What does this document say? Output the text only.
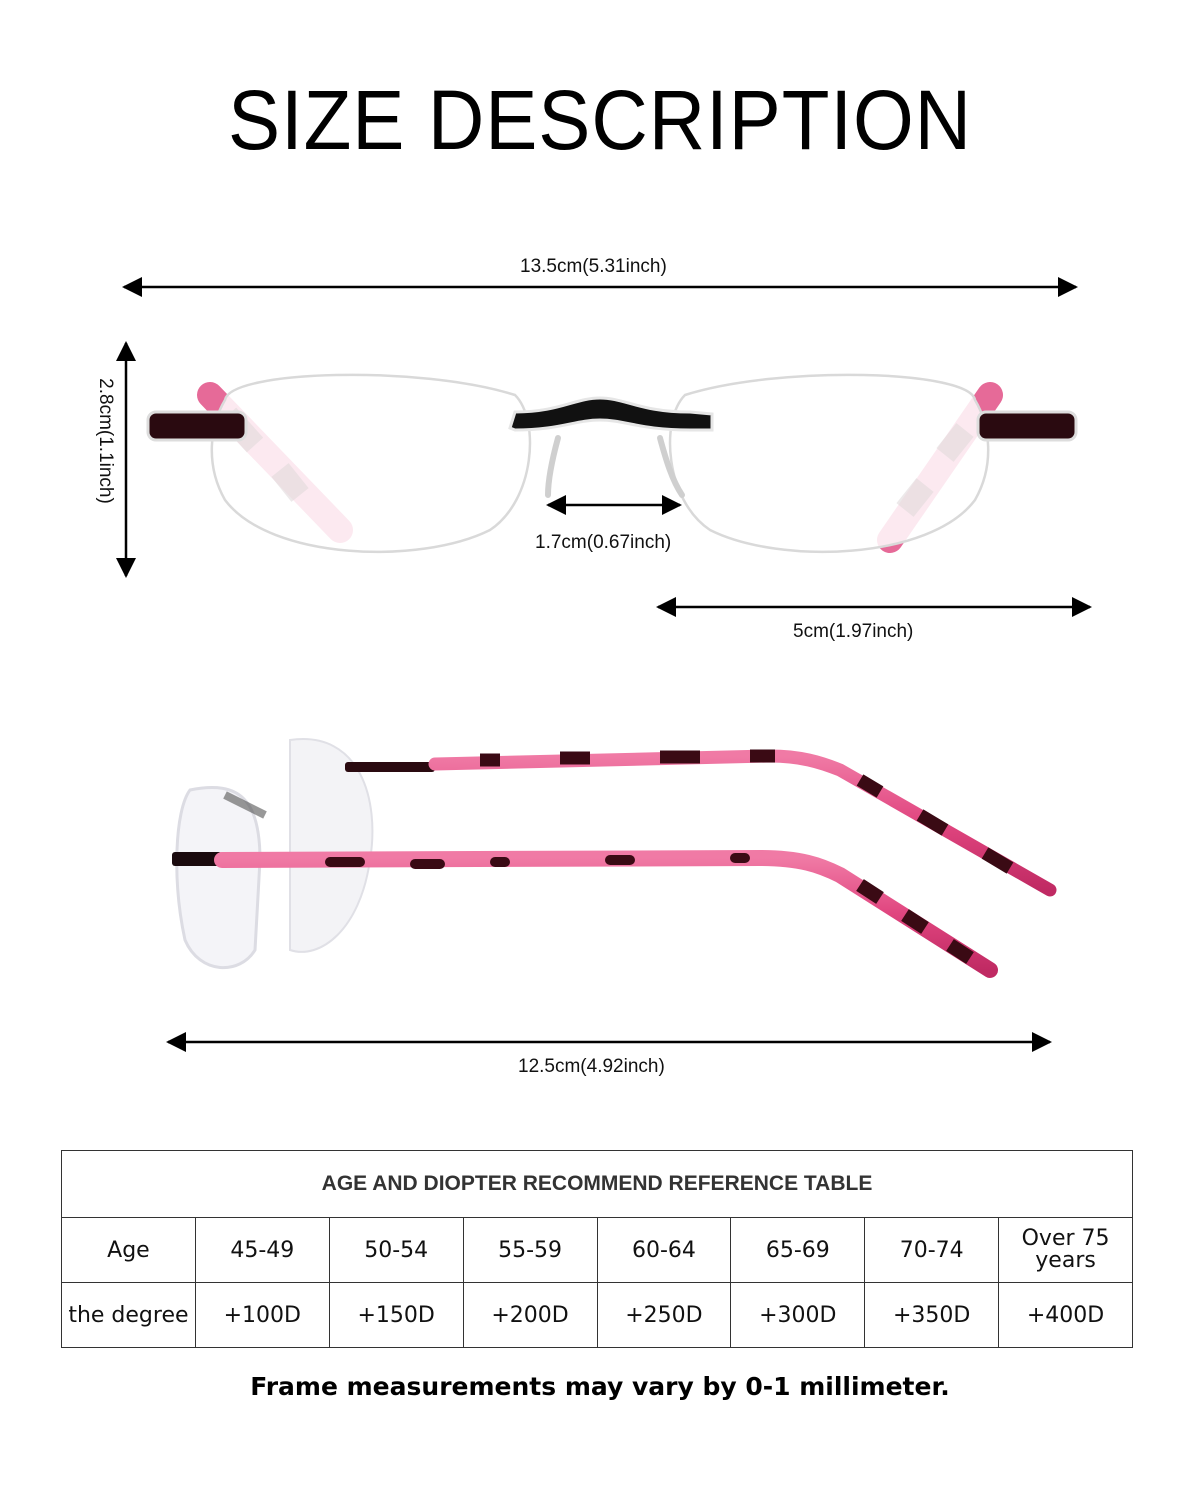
SIZE DESCRIPTION
13.5cm(5.31inch)
2.8cm(1.1inch)
1.7cm(0.67inch)
5cm(1.97inch)
12.5cm(4.92inch)
AGE AND DIOPTER RECOMMEND REFERENCE TABLE							
Age	45-49	50-54	55-59	60-64	65-69	70-74	Over 75 years
the degree	+100D	+150D	+200D	+250D	+300D	+350D	+400D
Frame measurements may vary by 0-1 millimeter.
